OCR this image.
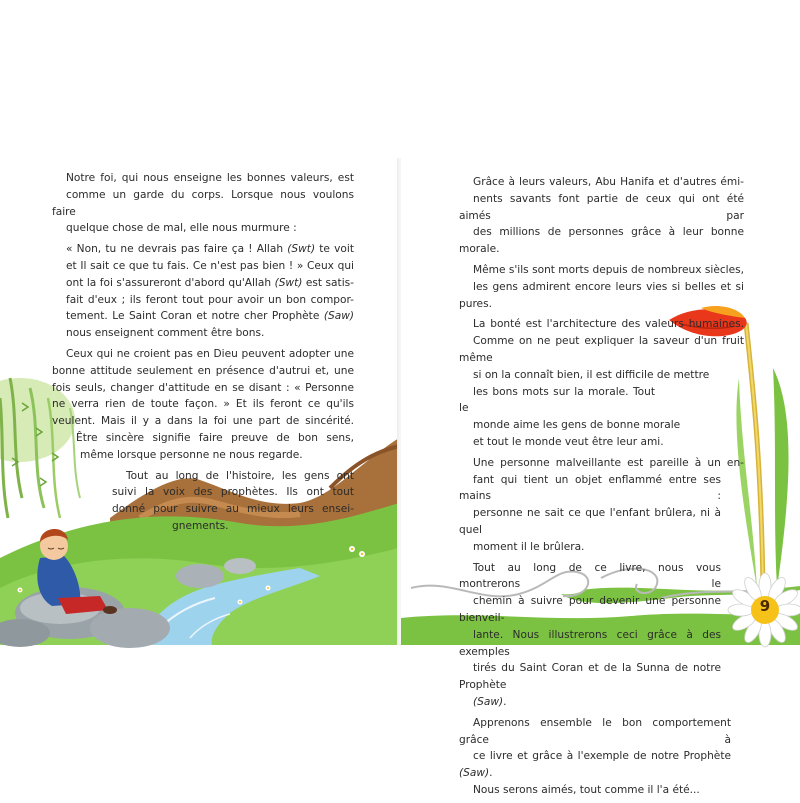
Notre foi, qui nous enseigne les bonnes valeurs, est
comme un garde du corps. Lorsque nous voulons faire
quelque chose de mal, elle nous murmure :

« Non, tu ne devrais pas faire ça ! Allah (Swt) te voit
et Il sait ce que tu fais. Ce n'est pas bien ! » Ceux qui
ont la foi s'assureront d'abord qu'Allah (Swt) est satis-
fait d'eux ; ils feront tout pour avoir un bon compor-
tement. Le Saint Coran et notre cher Prophète (Saw)
nous enseignent comment être bons.

Ceux qui ne croient pas en Dieu peuvent adopter une
bonne attitude seulement en présence d'autrui et, une
fois seuls, changer d'attitude en se disant : « Personne
ne verra rien de toute façon. » Et ils feront ce qu'ils
veulent. Mais il y a dans la foi une part de sincérité.
Être sincère signifie faire preuve de bon sens,
même lorsque personne ne nous regarde.

Tout au long de l'histoire, les gens ont
suivi la voix des prophètes. Ils ont tout
donné pour suivre au mieux leurs ensei-
gnements.

Grâce à leurs valeurs, Abu Hanifa et d'autres émi-
nents savants font partie de ceux qui ont été aimés par
des millions de personnes grâce à leur bonne morale.

Même s'ils sont morts depuis de nombreux siècles,
les gens admirent encore leurs vies si belles et si pures.

La bonté est l'architecture des valeurs humaines.
Comme on ne peut expliquer la saveur d'un fruit même
si on la connaît bien, il est difficile de mettre
les bons mots sur la morale. Tout le
monde aime les gens de bonne morale
et tout le monde veut être leur ami.

Une personne malveillante est pareille à un en-
fant qui tient un objet enflammé entre ses mains :
personne ne sait ce que l'enfant brûlera, ni à quel
moment il le brûlera.

Tout au long de ce livre, nous vous montrerons le
chemin à suivre pour devenir une personne bienveil-
lante. Nous illustrerons ceci grâce à des exemples
tirés du Saint Coran et de la Sunna de notre Prophète
(Saw).

Apprenons ensemble le bon comportement grâce à
ce livre et grâce à l'exemple de notre Prophète (Saw).
Nous serons aimés, tout comme il l'a été...

9
